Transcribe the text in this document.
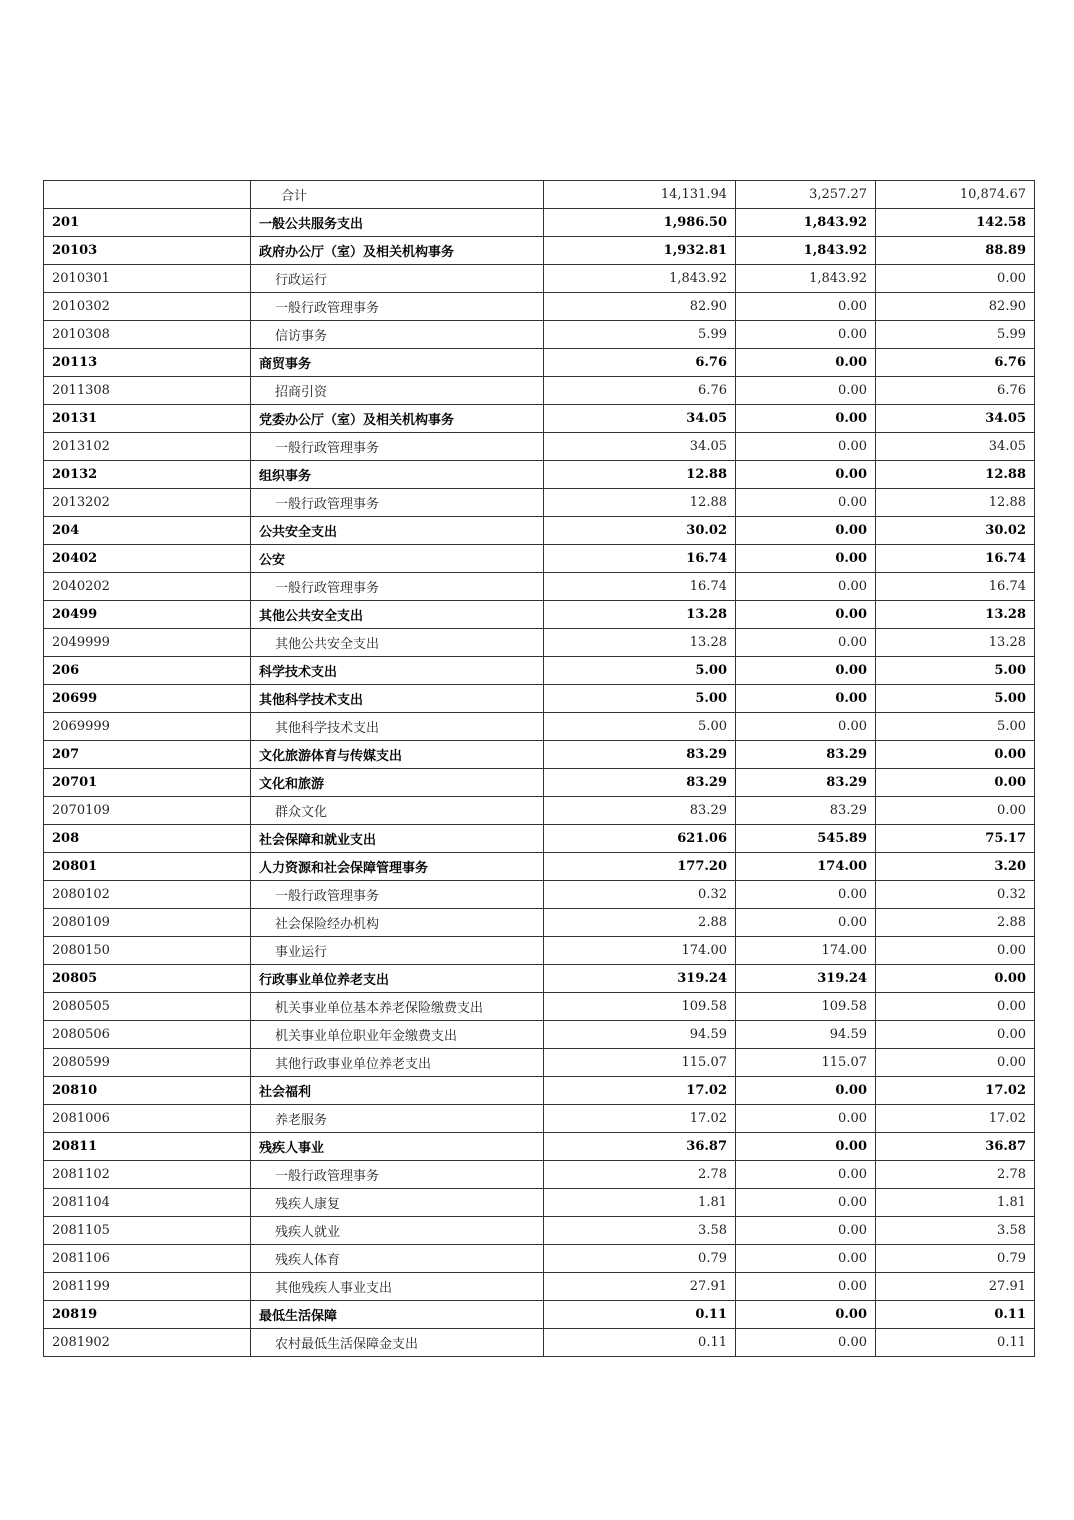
	合计	14,131.94	3,257.27	10,874.67
201	一般公共服务支出	1,986.50	1,843.92	142.58
20103	政府办公厅（室）及相关机构事务	1,932.81	1,843.92	88.89
2010301	行政运行	1,843.92	1,843.92	0.00
2010302	一般行政管理事务	82.90	0.00	82.90
2010308	信访事务	5.99	0.00	5.99
20113	商贸事务	6.76	0.00	6.76
2011308	招商引资	6.76	0.00	6.76
20131	党委办公厅（室）及相关机构事务	34.05	0.00	34.05
2013102	一般行政管理事务	34.05	0.00	34.05
20132	组织事务	12.88	0.00	12.88
2013202	一般行政管理事务	12.88	0.00	12.88
204	公共安全支出	30.02	0.00	30.02
20402	公安	16.74	0.00	16.74
2040202	一般行政管理事务	16.74	0.00	16.74
20499	其他公共安全支出	13.28	0.00	13.28
2049999	其他公共安全支出	13.28	0.00	13.28
206	科学技术支出	5.00	0.00	5.00
20699	其他科学技术支出	5.00	0.00	5.00
2069999	其他科学技术支出	5.00	0.00	5.00
207	文化旅游体育与传媒支出	83.29	83.29	0.00
20701	文化和旅游	83.29	83.29	0.00
2070109	群众文化	83.29	83.29	0.00
208	社会保障和就业支出	621.06	545.89	75.17
20801	人力资源和社会保障管理事务	177.20	174.00	3.20
2080102	一般行政管理事务	0.32	0.00	0.32
2080109	社会保险经办机构	2.88	0.00	2.88
2080150	事业运行	174.00	174.00	0.00
20805	行政事业单位养老支出	319.24	319.24	0.00
2080505	机关事业单位基本养老保险缴费支出	109.58	109.58	0.00
2080506	机关事业单位职业年金缴费支出	94.59	94.59	0.00
2080599	其他行政事业单位养老支出	115.07	115.07	0.00
20810	社会福利	17.02	0.00	17.02
2081006	养老服务	17.02	0.00	17.02
20811	残疾人事业	36.87	0.00	36.87
2081102	一般行政管理事务	2.78	0.00	2.78
2081104	残疾人康复	1.81	0.00	1.81
2081105	残疾人就业	3.58	0.00	3.58
2081106	残疾人体育	0.79	0.00	0.79
2081199	其他残疾人事业支出	27.91	0.00	27.91
20819	最低生活保障	0.11	0.00	0.11
2081902	农村最低生活保障金支出	0.11	0.00	0.11
